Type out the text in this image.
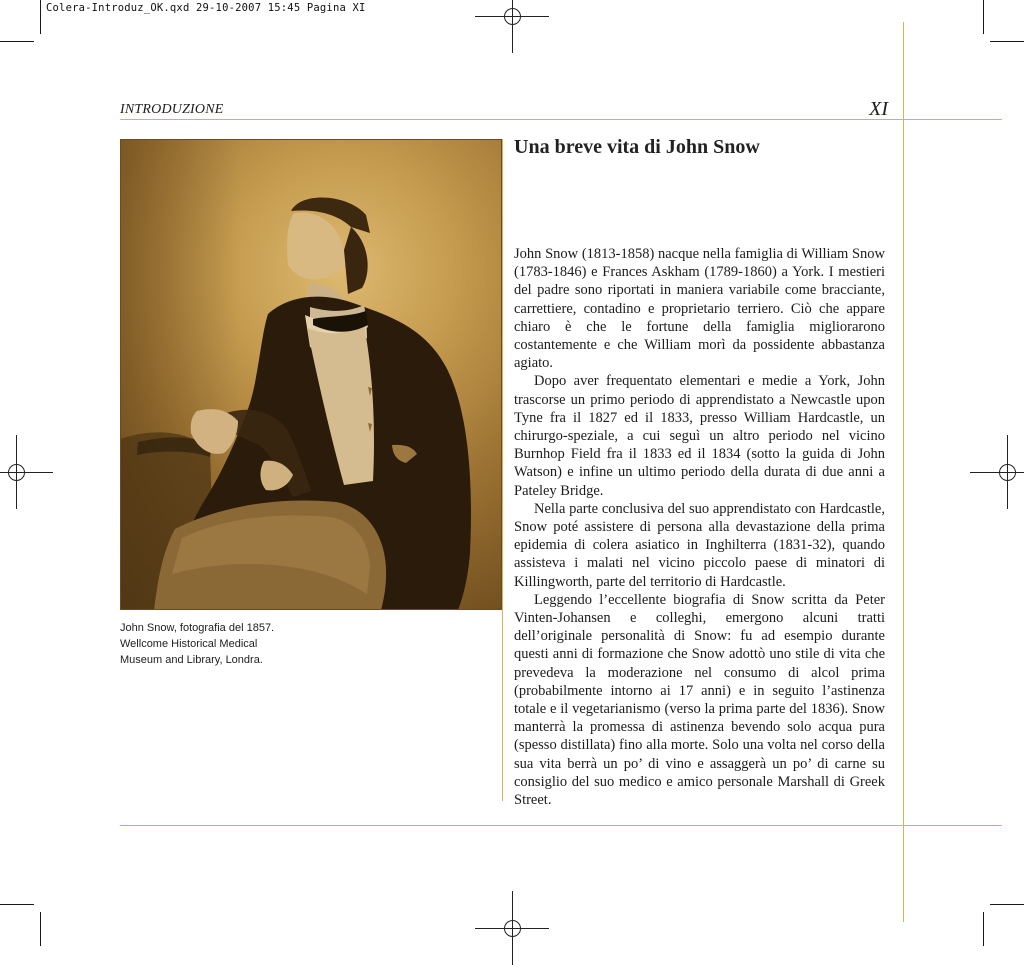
Colera-Introduz_OK.qxd 29-10-2007 15:45 Pagina XI
INTRODUZIONE	XI
John Snow, fotografia del 1857.
Wellcome Historical Medical
Museum and Library, Londra.
Una breve vita di John Snow

John Snow (1813-1858) nacque nella famiglia di William Snow (1783-1846) e Frances Askham (1789-1860) a York. I mestieri del padre sono riportati in maniera variabile come bracciante, carrettiere, contadino e proprietario terriero. Ciò che appare chiaro è che le fortune della famiglia migliorarono costantemente e che William morì da possidente abbastanza agiato.

Dopo aver frequentato elementari e medie a York, John trascorse un primo periodo di apprendistato a Newcastle upon Tyne fra il 1827 ed il 1833, presso William Hardcastle, un chirurgo-speziale, a cui seguì un altro periodo nel vicino Burnhop Field fra il 1833 ed il 1834 (sotto la guida di John Watson) e infine un ultimo periodo della durata di due anni a Pateley Bridge.

Nella parte conclusiva del suo apprendistato con Hardcastle, Snow poté assistere di persona alla devastazione della prima epidemia di colera asiatico in Inghilterra (1831-32), quando assisteva i malati nel vicino piccolo paese di minatori di Killingworth, parte del territorio di Hardcastle.

Leggendo l’eccellente biografia di Snow scritta da Peter Vinten-Johansen e colleghi, emergono alcuni tratti dell’originale personalità di Snow: fu ad esempio durante questi anni di formazione che Snow adottò uno stile di vita che prevedeva la moderazione nel consumo di alcol prima (probabilmente intorno ai 17 anni) e in seguito l’astinenza totale e il vegetarianismo (verso la prima parte del 1836). Snow manterrà la promessa di astinenza bevendo solo acqua pura (spesso distillata) fino alla morte. Solo una volta nel corso della sua vita berrà un po’ di vino e assaggerà un po’ di carne su consiglio del suo medico e amico personale Marshall di Greek Street.
